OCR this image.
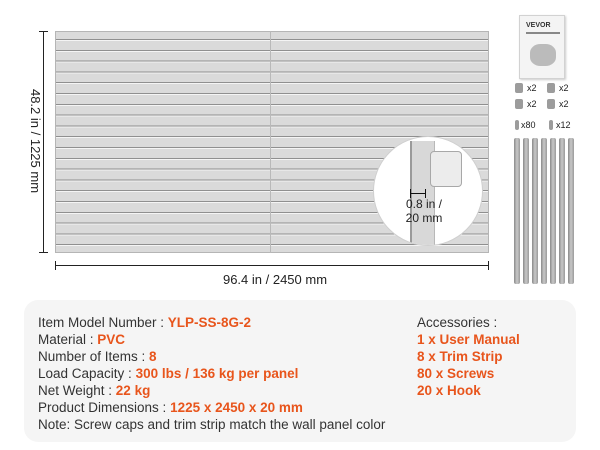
48.2 in / 1225 mm
96.4 in / 2450 mm
0.8 in /
20 mm
VEVOR
x2 x2
x2 x2
x80 x12
Item Model Number : YLP-SS-8G-2
Material : PVC
Number of Items : 8
Load Capacity : 300 lbs / 136 kg per panel
Net Weight : 22 kg
Product Dimensions : 1225 x 2450 x 20 mm
Note: Screw caps and trim strip match the wall panel color
Accessories :
1 x User Manual
8 x Trim Strip
80 x Screws
20 x Hook
